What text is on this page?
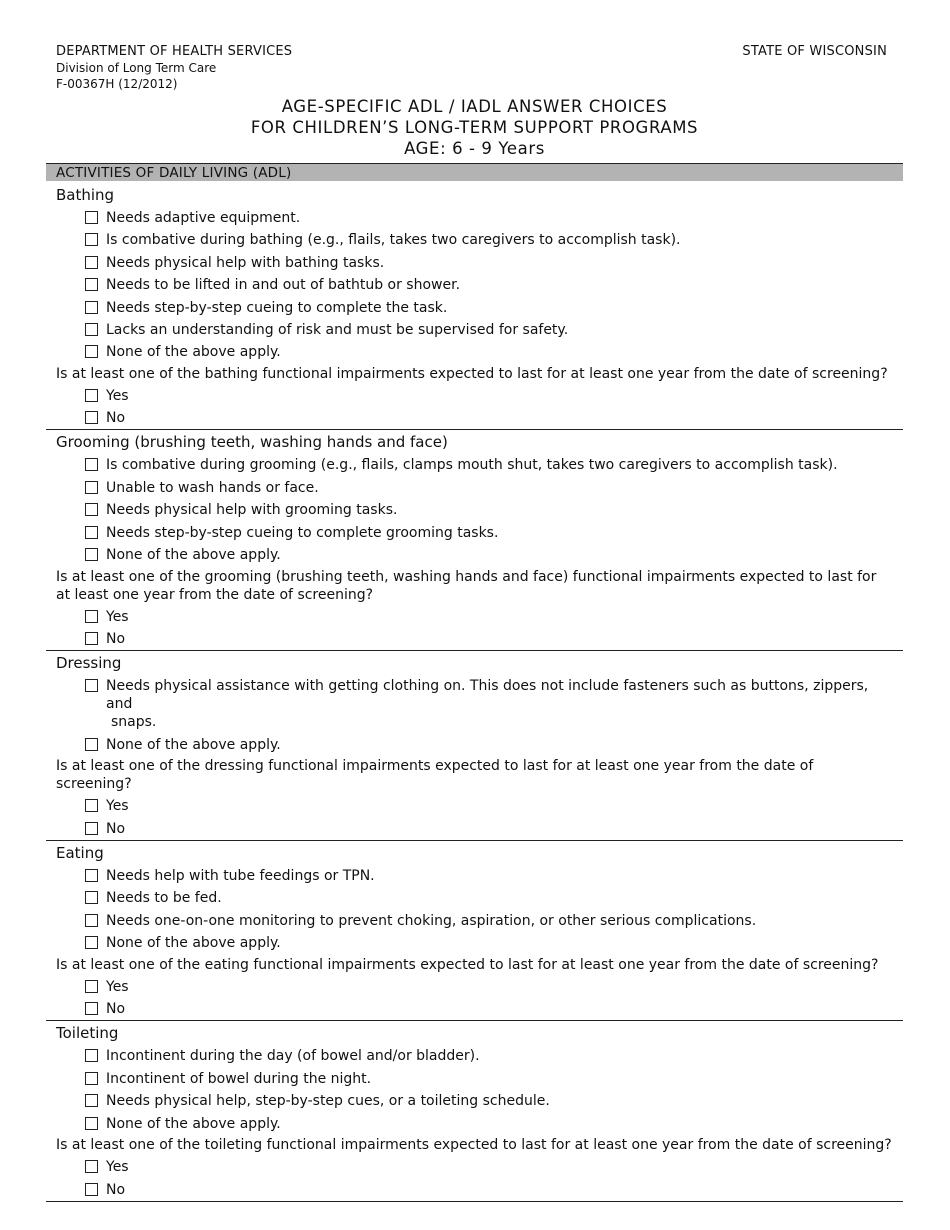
DEPARTMENT OF HEALTH SERVICES
Division of Long Term Care
F-00367H (12/2012)
STATE OF WISCONSIN
AGE-SPECIFIC ADL / IADL ANSWER CHOICES
FOR CHILDREN’S LONG-TERM SUPPORT PROGRAMS
AGE: 6 - 9 Years
ACTIVITIES OF DAILY LIVING (ADL)
Bathing
Needs adaptive equipment.
Is combative during bathing (e.g., flails, takes two caregivers to accomplish task).
Needs physical help with bathing tasks.
Needs to be lifted in and out of bathtub or shower.
Needs step-by-step cueing to complete the task.
Lacks an understanding of risk and must be supervised for safety.
None of the above apply.
Is at least one of the bathing functional impairments expected to last for at least one year from the date of screening?
Yes
No
Grooming (brushing teeth, washing hands and face)
Is combative during grooming (e.g., flails, clamps mouth shut, takes two caregivers to accomplish task).
Unable to wash hands or face.
Needs physical help with grooming tasks.
Needs step-by-step cueing to complete grooming tasks.
None of the above apply.
Is at least one of the grooming (brushing teeth, washing hands and face) functional impairments expected to last for at least one year from the date of screening?
Yes
No
Dressing
Needs physical assistance with getting clothing on. This does not include fasteners such as buttons, zippers, and
snaps.
None of the above apply.
Is at least one of the dressing functional impairments expected to last for at least one year from the date of screening?
Yes
No
Eating
Needs help with tube feedings or TPN.
Needs to be fed.
Needs one-on-one monitoring to prevent choking, aspiration, or other serious complications.
None of the above apply.
Is at least one of the eating functional impairments expected to last for at least one year from the date of screening?
Yes
No
Toileting
Incontinent during the day (of bowel and/or bladder).
Incontinent of bowel during the night.
Needs physical help, step-by-step cues, or a toileting schedule.
None of the above apply.
Is at least one of the toileting functional impairments expected to last for at least one year from the date of screening?
Yes
No
